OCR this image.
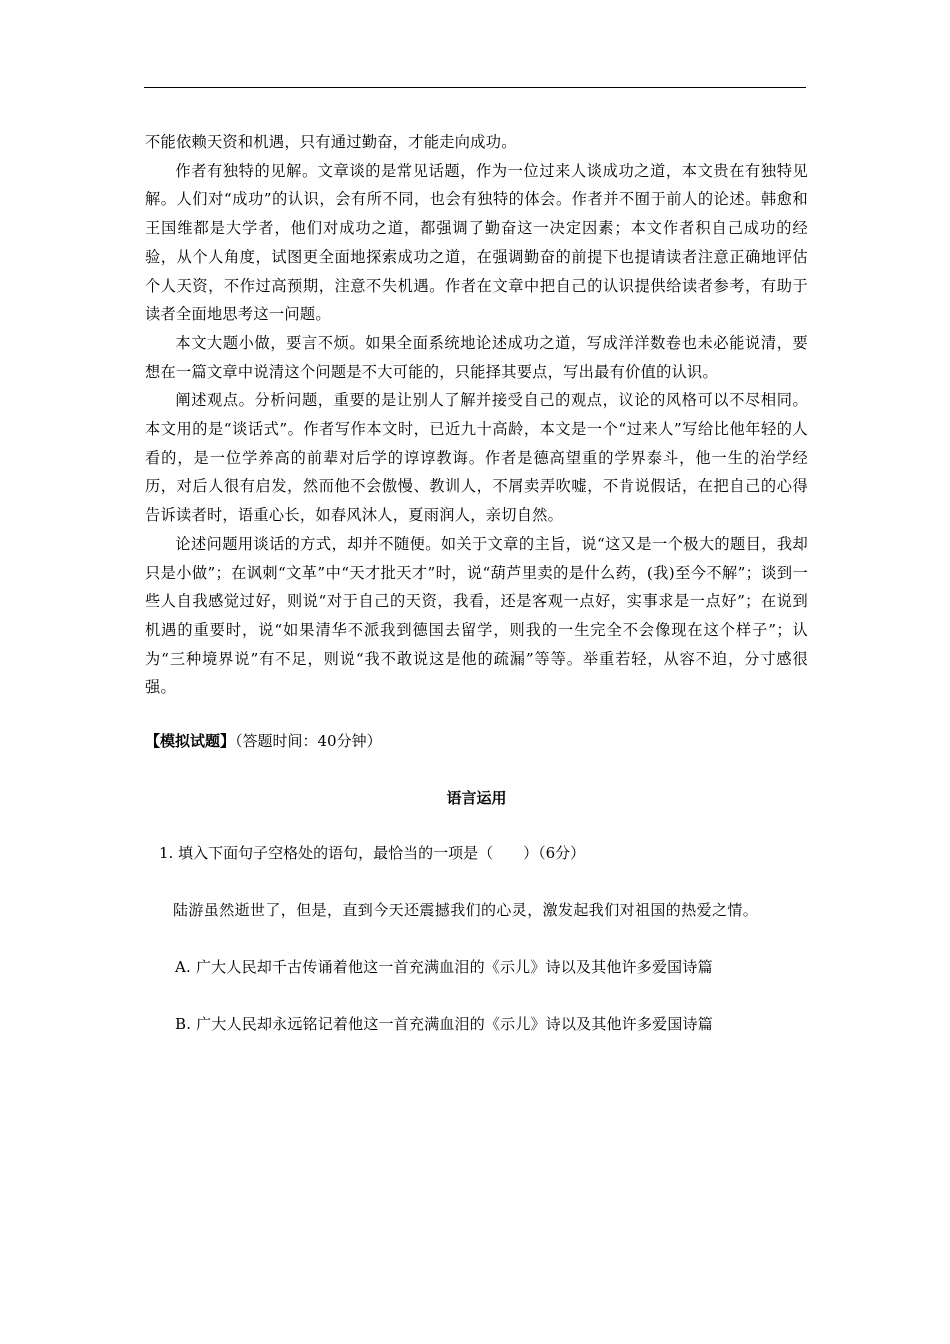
不能依赖天资和机遇，只有通过勤奋，才能走向成功。

作者有独特的见解。文章谈的是常见话题，作为一位过来人谈成功之道，本文贵在有独特见解。人们对“成功”的认识，会有所不同，也会有独特的体会。作者并不囿于前人的论述。韩愈和王国维都是大学者，他们对成功之道，都强调了勤奋这一决定因素；本文作者积自己成功的经验，从个人角度，试图更全面地探索成功之道，在强调勤奋的前提下也提请读者注意正确地评估个人天资，不作过高预期，注意不失机遇。作者在文章中把自己的认识提供给读者参考，有助于读者全面地思考这一问题。

本文大题小做，要言不烦。如果全面系统地论述成功之道，写成洋洋数卷也未必能说清，要想在一篇文章中说清这个问题是不大可能的，只能择其要点，写出最有价值的认识。

阐述观点。分析问题，重要的是让别人了解并接受自己的观点，议论的风格可以不尽相同。本文用的是“谈话式”。作者写作本文时，已近九十高龄，本文是一个“过来人”写给比他年轻的人看的，是一位学养高的前辈对后学的谆谆教诲。作者是德高望重的学界泰斗，他一生的治学经历，对后人很有启发，然而他不会傲慢、教训人，不屑卖弄吹嘘，不肯说假话，在把自己的心得告诉读者时，语重心长，如春风沐人，夏雨润人，亲切自然。

论述问题用谈话的方式，却并不随便。如关于文章的主旨，说“这又是一个极大的题目，我却只是小做”；在讽刺“文革”中“天才批天才”时，说“葫芦里卖的是什么药，(我)至今不解”；谈到一些人自我感觉过好，则说“对于自己的天资，我看，还是客观一点好，实事求是一点好”；在说到机遇的重要时，说“如果清华不派我到德国去留学，则我的一生完全不会像现在这个样子”；认为“三种境界说”有不足，则说“我不敢说这是他的疏漏”等等。举重若轻，从容不迫，分寸感很强。

【模拟试题】（答题时间：40分钟）
语言运用
1. 填入下面句子空格处的语句，最恰当的一项是（　　）（6分）
陆游虽然逝世了，但是，直到今天还震撼我们的心灵，激发起我们对祖国的热爱之情。
A. 广大人民却千古传诵着他这一首充满血泪的《示儿》诗以及其他许多爱国诗篇
B. 广大人民却永远铭记着他这一首充满血泪的《示儿》诗以及其他许多爱国诗篇
